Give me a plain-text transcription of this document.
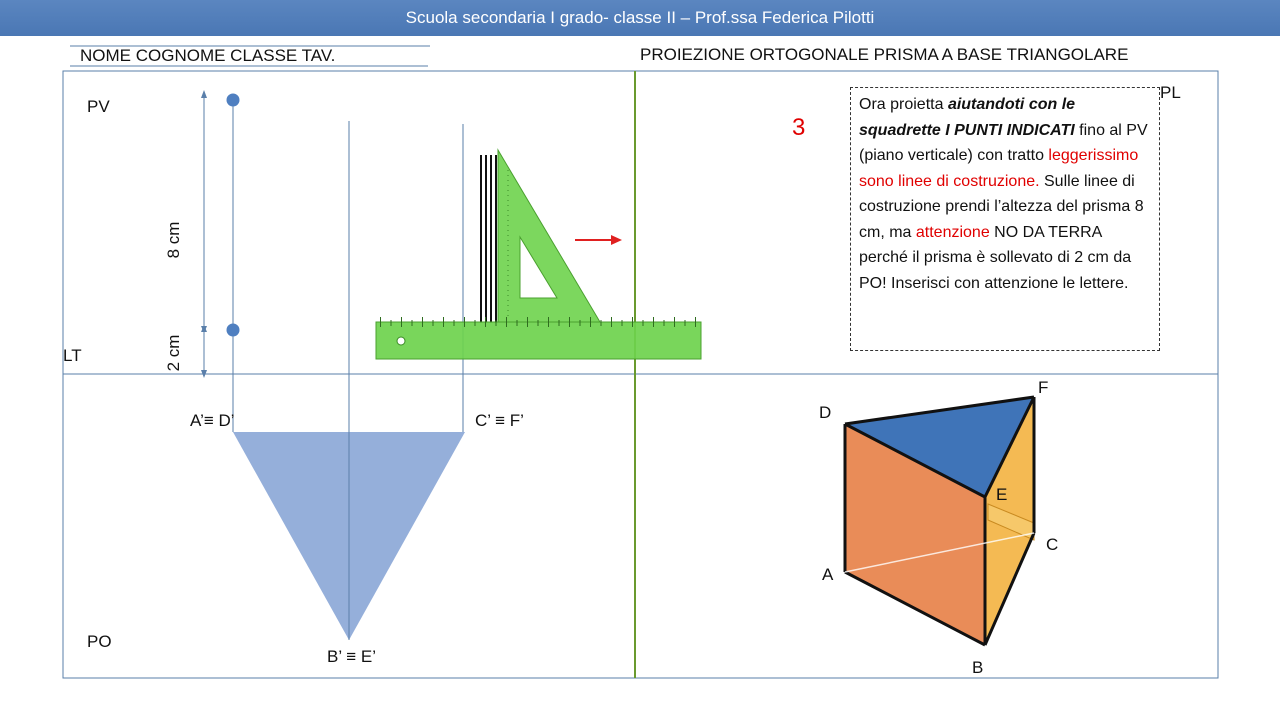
Scuola secondaria I grado- classe II – Prof.ssa Federica Pilotti
NOME COGNOME CLASSE TAV.	PROIEZIONE ORTOGONALE PRISMA A BASE TRIANGOLARE
PV
PO
PL
LT
8 cm
2 cm
3
A’≡ D’	C’ ≡ F’
B’ ≡ E’
A
B
C
D
E
F
Ora proietta aiutandoti con le squadrette I PUNTI INDICATI fino al PV (piano verticale) con tratto leggerissimo sono linee di costruzione. Sulle linee di costruzione prendi l’altezza del prisma 8 cm, ma attenzione NO DA TERRA perché il prisma è sollevato di 2 cm da PO! Inserisci con attenzione le lettere.
